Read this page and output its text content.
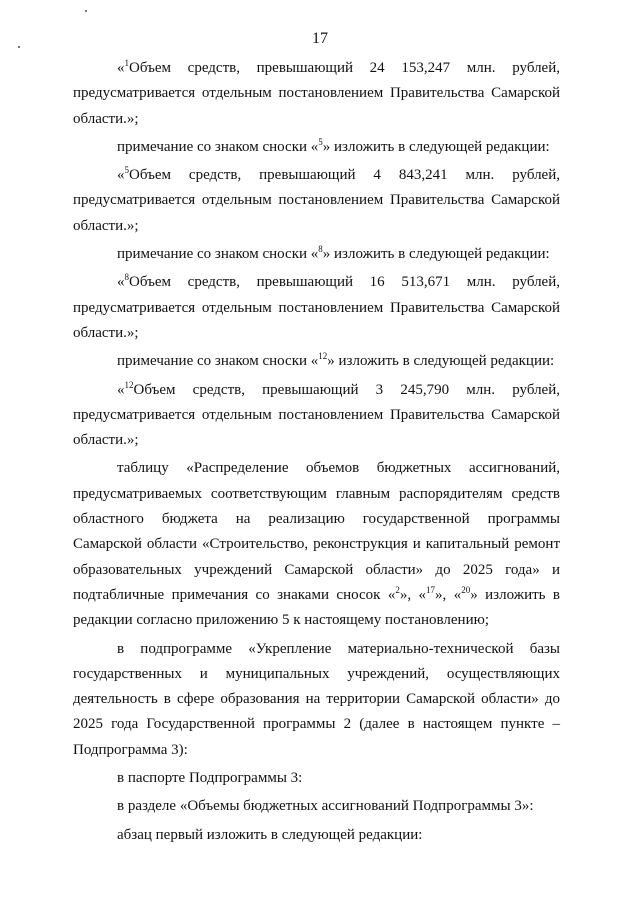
17

«$^1$Объем средств, превышающий 24 153,247 млн. рублей, предусматривается отдельным постановлением Правительства Самарской области.»;

примечание со знаком сноски «$^5$» изложить в следующей редакции:

«$^5$Объем средств, превышающий 4 843,241 млн. рублей, предусматривается отдельным постановлением Правительства Самарской области.»;

примечание со знаком сноски «$^8$» изложить в следующей редакции:

«$^8$Объем средств, превышающий 16 513,671 млн. рублей, предусматривается отдельным постановлением Правительства Самарской области.»;

примечание со знаком сноски «$^{12}$» изложить в следующей редакции:

«$^{12}$Объем средств, превышающий 3 245,790 млн. рублей, предусматривается отдельным постановлением Правительства Самарской области.»;

таблицу «Распределение объемов бюджетных ассигнований, предусматриваемых соответствующим главным распорядителям средств областного бюджета на реализацию государственной программы Самарской области «Строительство, реконструкция и капитальный ремонт образовательных учреждений Самарской области» до 2025 года» и подтабличные примечания со знаками сносок «$^2$», «$^{17}$», «$^{20}$» изложить в редакции согласно приложению 5 к настоящему постановлению;

в подпрограмме «Укрепление материально-технической базы государственных и муниципальных учреждений, осуществляющих деятельность в сфере образования на территории Самарской области» до 2025 года Государственной программы 2 (далее в настоящем пункте – Подпрограмма 3):

в паспорте Подпрограммы 3:

в разделе «Объемы бюджетных ассигнований Подпрограммы 3»:

абзац первый изложить в следующей редакции:
